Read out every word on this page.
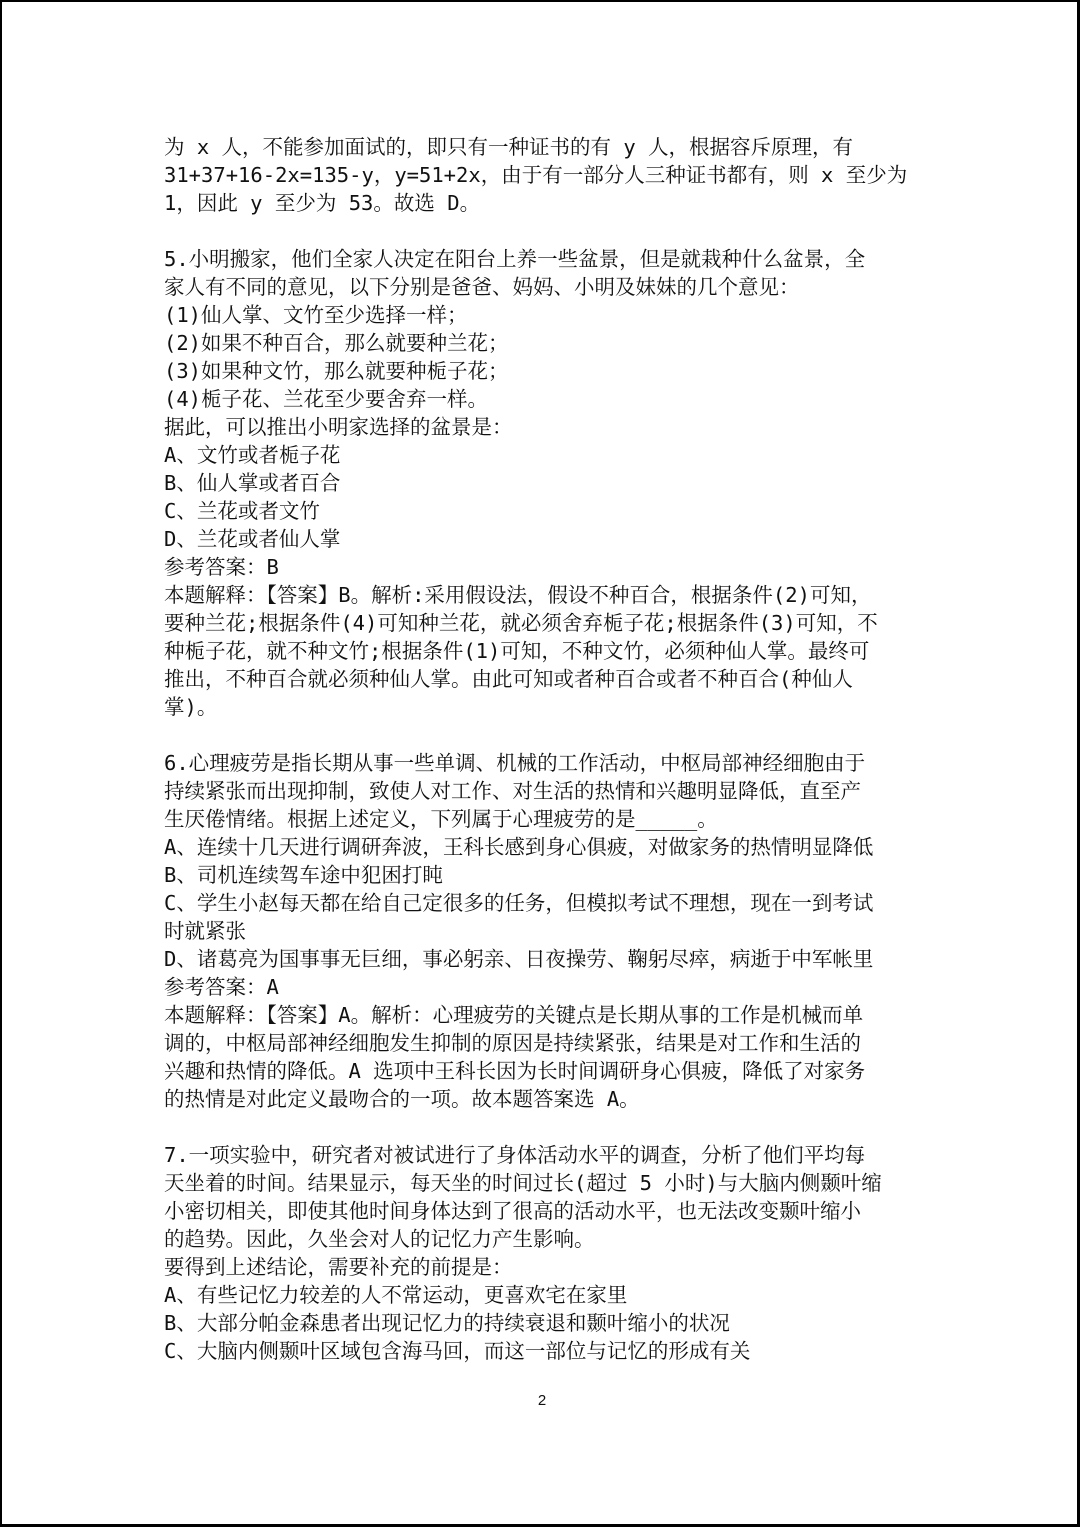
为 x 人，不能参加面试的，即只有一种证书的有 y 人，根据容斥原理，有
31+37+16-2x=135-y，y=51+2x，由于有一部分人三种证书都有，则 x 至少为
1，因此 y 至少为 53。故选 D。
5.小明搬家，他们全家人决定在阳台上养一些盆景，但是就栽种什么盆景，全
家人有不同的意见，以下分别是爸爸、妈妈、小明及妹妹的几个意见：
(1)仙人掌、文竹至少选择一样；
(2)如果不种百合，那么就要种兰花；
(3)如果种文竹，那么就要种栀子花；
(4)栀子花、兰花至少要舍弃一样。
据此，可以推出小明家选择的盆景是：
A、文竹或者栀子花
B、仙人掌或者百合
C、兰花或者文竹
D、兰花或者仙人掌
参考答案：B
本题解释：【答案】B。解析:采用假设法，假设不种百合，根据条件(2)可知，
要种兰花;根据条件(4)可知种兰花，就必须舍弃栀子花;根据条件(3)可知，不
种栀子花，就不种文竹;根据条件(1)可知，不种文竹，必须种仙人掌。最终可
推出，不种百合就必须种仙人掌。由此可知或者种百合或者不种百合(种仙人
掌)。
6.心理疲劳是指长期从事一些单调、机械的工作活动，中枢局部神经细胞由于
持续紧张而出现抑制，致使人对工作、对生活的热情和兴趣明显降低，直至产
生厌倦情绪。根据上述定义，下列属于心理疲劳的是_____。
A、连续十几天进行调研奔波，王科长感到身心俱疲，对做家务的热情明显降低
B、司机连续驾车途中犯困打盹
C、学生小赵每天都在给自己定很多的任务，但模拟考试不理想，现在一到考试
时就紧张
D、诸葛亮为国事事无巨细，事必躬亲、日夜操劳、鞠躬尽瘁，病逝于中军帐里
参考答案：A
本题解释：【答案】A。解析：心理疲劳的关键点是长期从事的工作是机械而单
调的，中枢局部神经细胞发生抑制的原因是持续紧张，结果是对工作和生活的
兴趣和热情的降低。A 选项中王科长因为长时间调研身心俱疲，降低了对家务
的热情是对此定义最吻合的一项。故本题答案选 A。
7.一项实验中，研究者对被试进行了身体活动水平的调查，分析了他们平均每
天坐着的时间。结果显示，每天坐的时间过长(超过 5 小时)与大脑内侧颞叶缩
小密切相关，即使其他时间身体达到了很高的活动水平，也无法改变颞叶缩小
的趋势。因此，久坐会对人的记忆力产生影响。
要得到上述结论，需要补充的前提是：
A、有些记忆力较差的人不常运动，更喜欢宅在家里
B、大部分帕金森患者出现记忆力的持续衰退和颞叶缩小的状况
C、大脑内侧颞叶区域包含海马回，而这一部位与记忆的形成有关
2
